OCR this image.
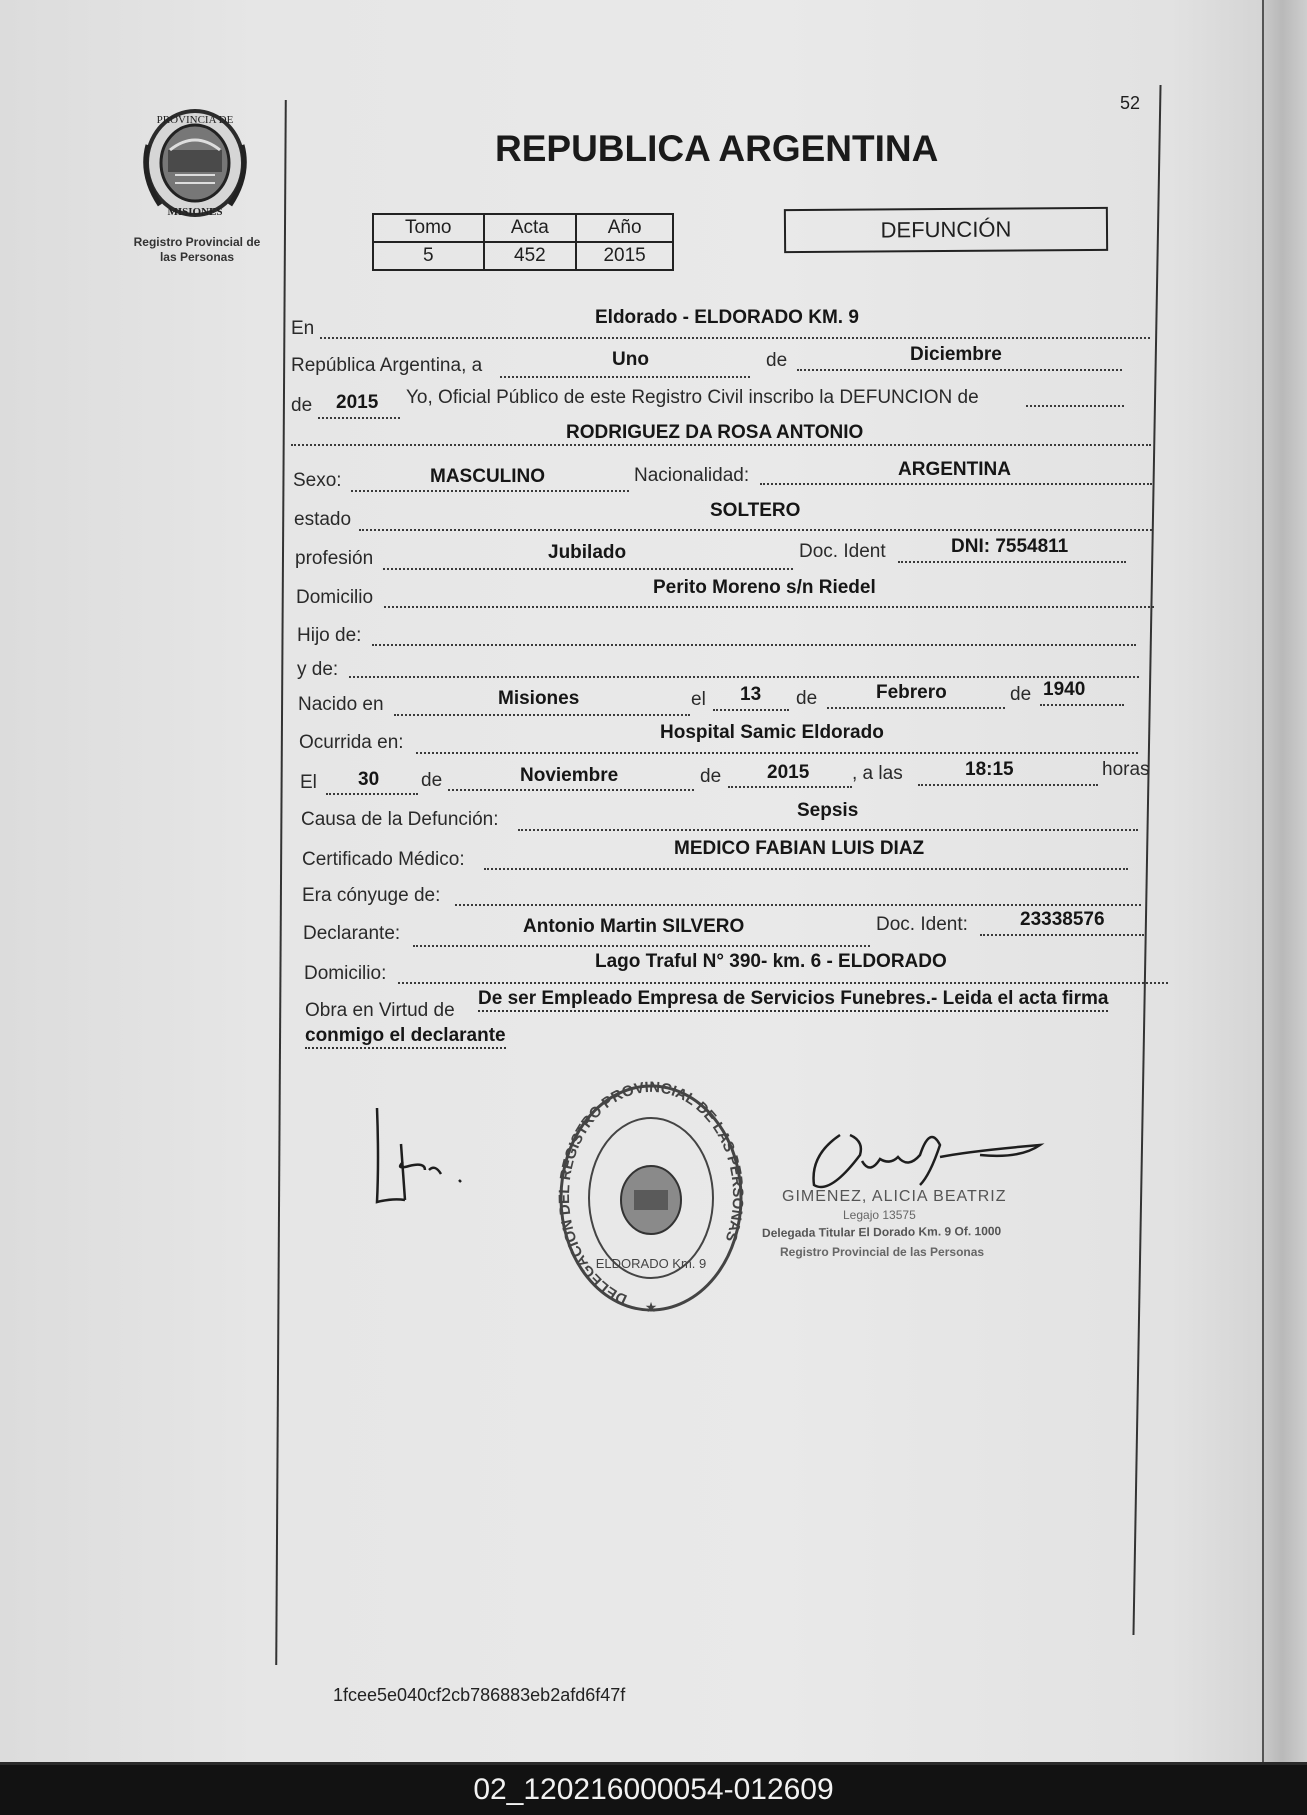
52
PROVINCIA DE
MISIONES
Registro Provincial de
las Personas
REPUBLICA ARGENTINA
Tomo	Acta	Año
5	452	2015
DEFUNCIÓN
En
Eldorado - ELDORADO KM. 9
República Argentina, a	Uno	de	Diciembre
de 2015 Yo, Oficial Público de este Registro Civil inscribo la DEFUNCION de
RODRIGUEZ DA ROSA ANTONIO
Sexo:	MASCULINO	Nacionalidad:	ARGENTINA
estado	SOLTERO
profesión	Jubilado	Doc. Ident	DNI: 7554811
Domicilio	Perito Moreno s/n Riedel
Hijo de:
y de:
Nacido en	Misiones	el 13 de	Febrero	de 1940
Ocurrida en:	Hospital Samic Eldorado
El 30 de	Noviembre	de 2015 , a las	18:15	horas
Causa de la Defunción:	Sepsis
Certificado Médico:
MEDICO FABIAN LUIS DIAZ
Era cónyuge de:
Declarante:	Antonio Martin SILVERO	Doc. Ident:	23338576
Domicilio:
Lago Traful N° 390- km. 6 - ELDORADO
Obra en Virtud de
De ser Empleado Empresa de Servicios Funebres.- Leida el acta firma
conmigo el declarante
DELEGACION DEL REGISTRO PROVINCIAL DE LAS PERSONAS
ELDORADO Km. 9
★
GIMENEZ, ALICIA BEATRIZ
Legajo 13575
Delegada Titular El Dorado Km. 9 Of. 1000
Registro Provincial de las Personas
1fcee5e040cf2cb786883eb2afd6f47f
02_120216000054-012609
